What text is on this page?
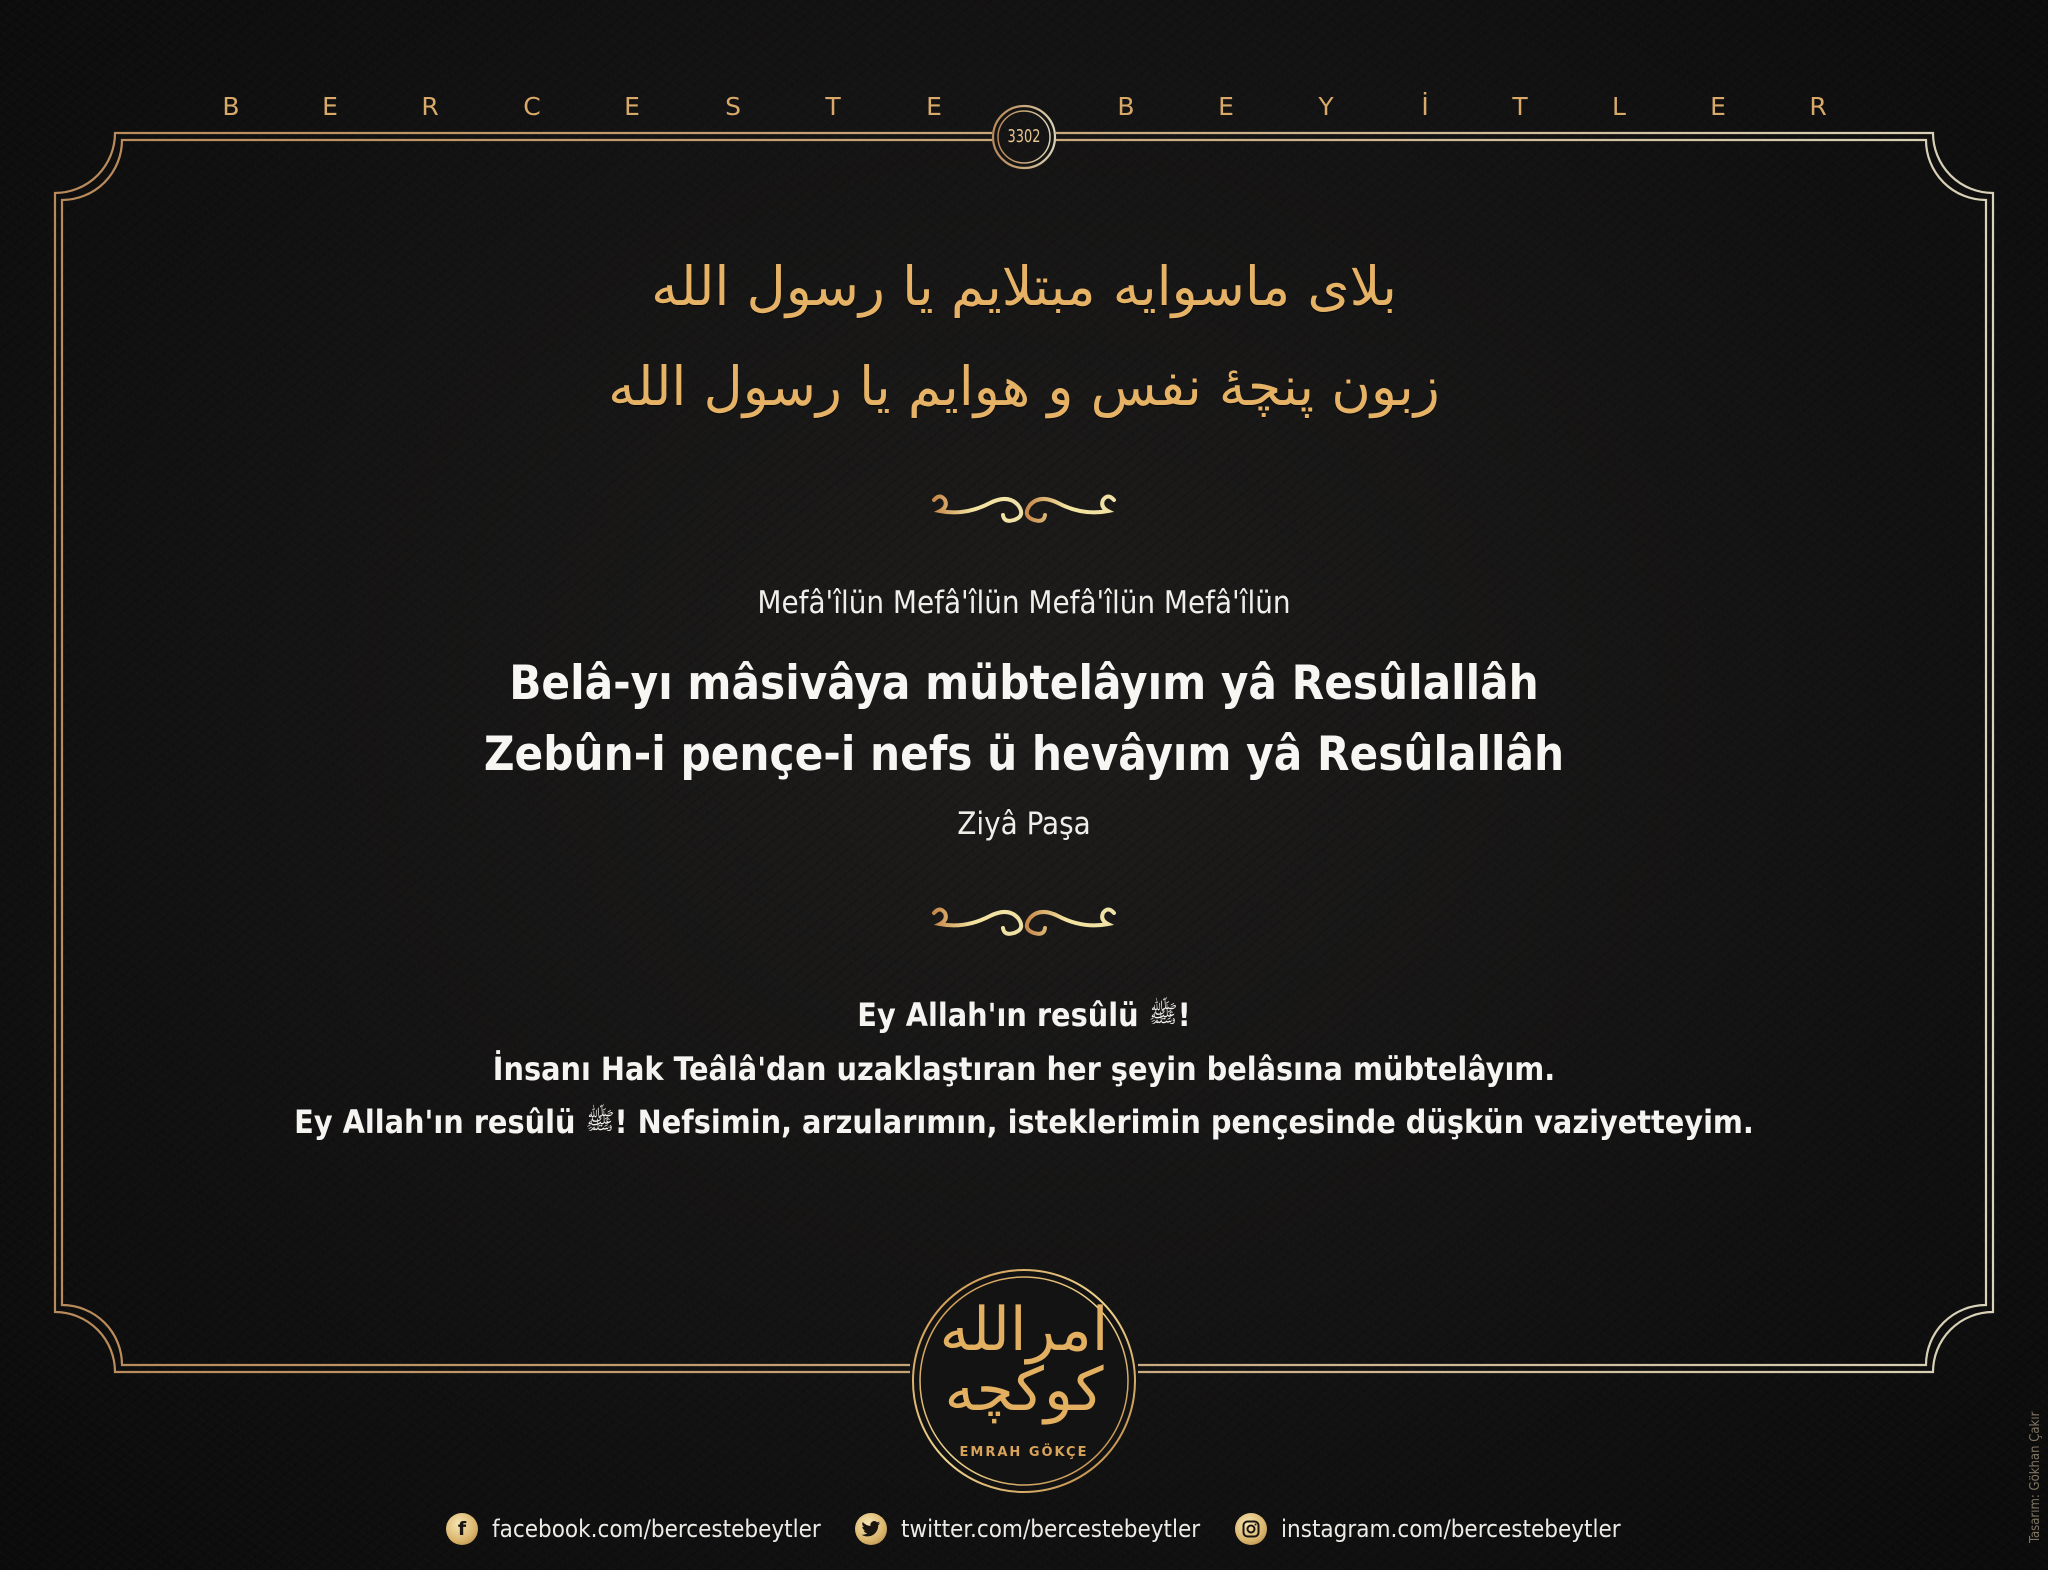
B	E	R	C	E	S	T	E	B	E	Y	İ	T	L	E	R
3302
بلای ماسوایه مبتلایم یا رسول الله
زبون پنچهٔ نفس و هوایم یا رسول الله
Mefâ'îlün Mefâ'îlün Mefâ'îlün Mefâ'îlün
Belâ-yı mâsivâya mübtelâyım yâ Resûlallâh
Zebûn-i pençe-i nefs ü hevâyım yâ Resûlallâh
Ziyâ Paşa
Ey Allah'ın resûlü ﷺ!
İnsanı Hak Teâlâ'dan uzaklaştıran her şeyin belâsına mübtelâyım.
Ey Allah'ın resûlü ﷺ! Nefsimin, arzularımın, isteklerimin pençesinde düşkün vaziyetteyim.
امرالله كوكچه
EMRAH GÖKÇE
f	facebook.com/bercestebeytler	twitter.com/bercestebeytler	instagram.com/bercestebeytler	Tasarım: Gökhan Çakır
